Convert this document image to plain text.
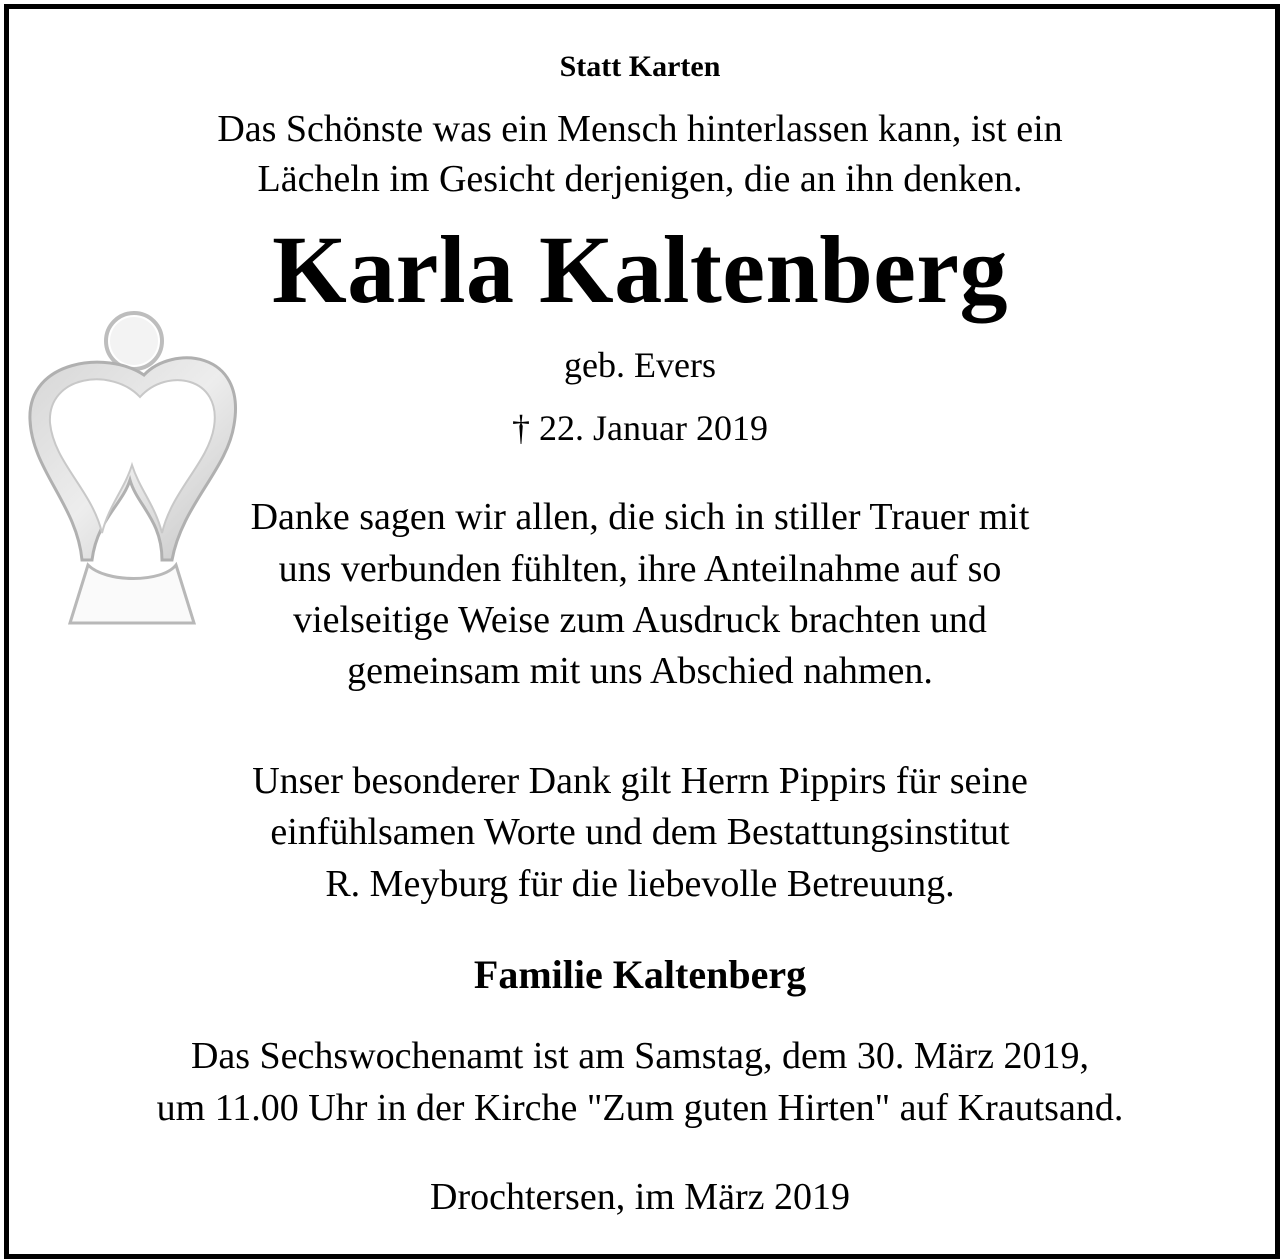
Statt Karten
Das Schönste was ein Mensch hinterlassen kann, ist ein
Lächeln im Gesicht derjenigen, die an ihn denken.
Karla Kaltenberg
geb. Evers
† 22. Januar 2019
Danke sagen wir allen, die sich in stiller Trauer mit
uns verbunden fühlten, ihre Anteilnahme auf so
vielseitige Weise zum Ausdruck brachten und
gemeinsam mit uns Abschied nahmen.
Unser besonderer Dank gilt Herrn Pippirs für seine
einfühlsamen Worte und dem Bestattungsinstitut
R. Meyburg für die liebevolle Betreuung.
Familie Kaltenberg
Das Sechswochenamt ist am Samstag, dem 30. März 2019,
um 11.00 Uhr in der Kirche "Zum guten Hirten" auf Krautsand.
Drochtersen, im März 2019
